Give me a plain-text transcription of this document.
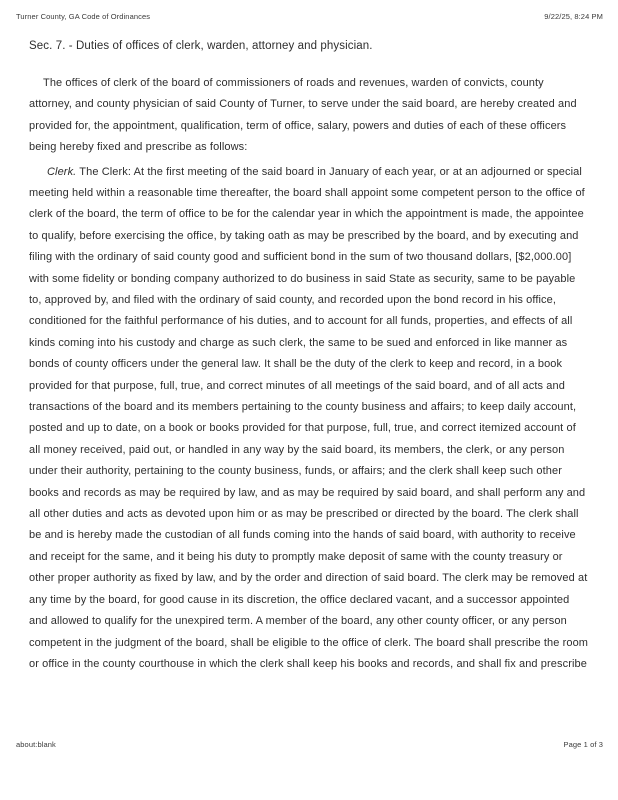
Turner County, GA Code of Ordinances	9/22/25, 8:24 PM
Sec. 7. - Duties of offices of clerk, warden, attorney and physician.

The offices of clerk of the board of commissioners of roads and revenues, warden of convicts, county attorney, and county physician of said County of Turner, to serve under the said board, are hereby created and provided for, the appointment, qualification, term of office, salary, powers and duties of each of these officers being hereby fixed and prescribe as follows:

Clerk. The Clerk: At the first meeting of the said board in January of each year, or at an adjourned or special meeting held within a reasonable time thereafter, the board shall appoint some competent person to the office of clerk of the board, the term of office to be for the calendar year in which the appointment is made, the appointee to qualify, before exercising the office, by taking oath as may be prescribed by the board, and by executing and filing with the ordinary of said county good and sufficient bond in the sum of two thousand dollars, [$2,000.00] with some fidelity or bonding company authorized to do business in said State as security, same to be payable to, approved by, and filed with the ordinary of said county, and recorded upon the bond record in his office, conditioned for the faithful performance of his duties, and to account for all funds, properties, and effects of all kinds coming into his custody and charge as such clerk, the same to be sued and enforced in like manner as bonds of county officers under the general law. It shall be the duty of the clerk to keep and record, in a book provided for that purpose, full, true, and correct minutes of all meetings of the said board, and of all acts and transactions of the board and its members pertaining to the county business and affairs; to keep daily account, posted and up to date, on a book or books provided for that purpose, full, true, and correct itemized account of all money received, paid out, or handled in any way by the said board, its members, the clerk, or any person under their authority, pertaining to the county business, funds, or affairs; and the clerk shall keep such other books and records as may be required by law, and as may be required by said board, and shall perform any and all other duties and acts as devoted upon him or as may be prescribed or directed by the board. The clerk shall be and is hereby made the custodian of all funds coming into the hands of said board, with authority to receive and receipt for the same, and it being his duty to promptly make deposit of same with the county treasury or other proper authority as fixed by law, and by the order and direction of said board. The clerk may be removed at any time by the board, for good cause in its discretion, the office declared vacant, and a successor appointed and allowed to qualify for the unexpired term. A member of the board, any other county officer, or any person competent in the judgment of the board, shall be eligible to the office of clerk. The board shall prescribe the room or office in the county courthouse in which the clerk shall keep his books and records, and shall fix and prescribe

about:blank	Page 1 of 3
